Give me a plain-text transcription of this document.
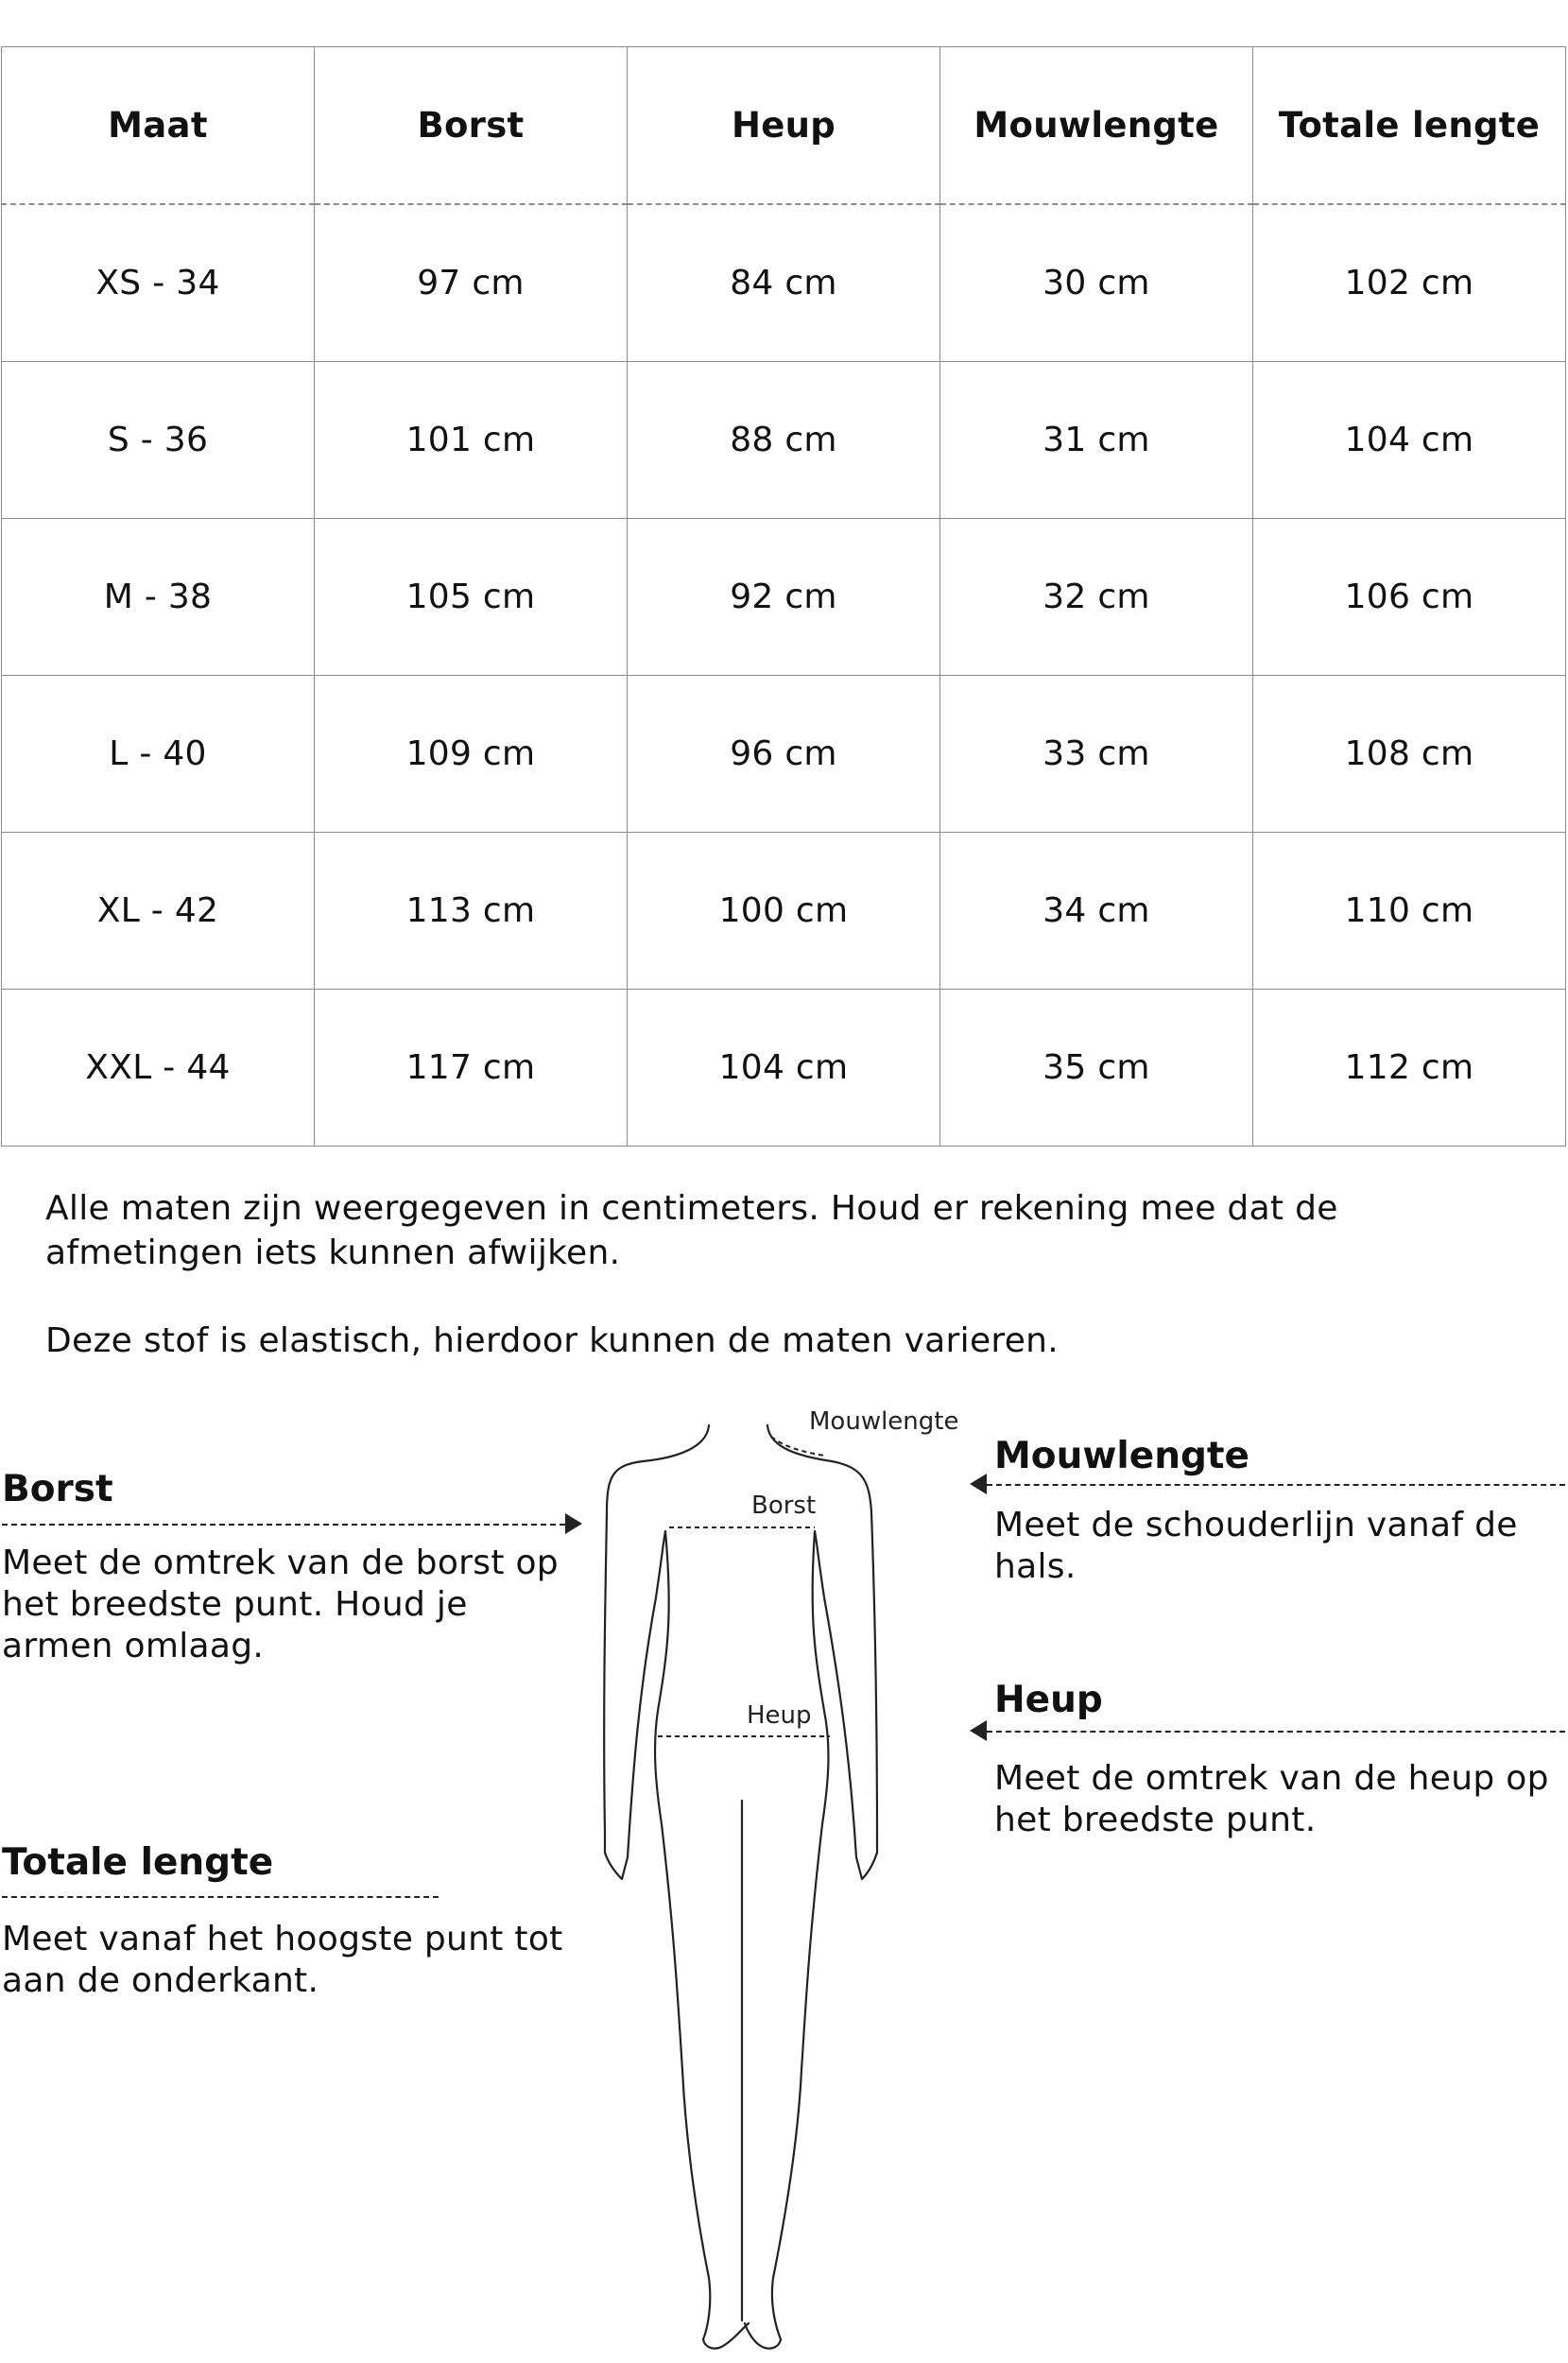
Maat	Borst	Heup	Mouwlengte	Totale lengte
XS - 34	97 cm	84 cm	30 cm	102 cm
S - 36	101 cm	88 cm	31 cm	104 cm
M - 38	105 cm	92 cm	32 cm	106 cm
L - 40	109 cm	96 cm	33 cm	108 cm
XL - 42	113 cm	100 cm	34 cm	110 cm
XXL - 44	117 cm	104 cm	35 cm	112 cm

Alle maten zijn weergegeven in centimeters. Houd er rekening mee dat de afmetingen iets kunnen afwijken.

Deze stof is elastisch, hierdoor kunnen de maten varieren.

Borst

Meet de omtrek van de borst op het breedste punt. Houd je armen omlaag.

Totale lengte

Meet vanaf het hoogste punt tot aan de onderkant.

Mouwlengte

Meet de schouderlijn vanaf de hals.

Heup

Meet de omtrek van de heup op het breedste punt.

Mouwlengte
Borst
Heup
